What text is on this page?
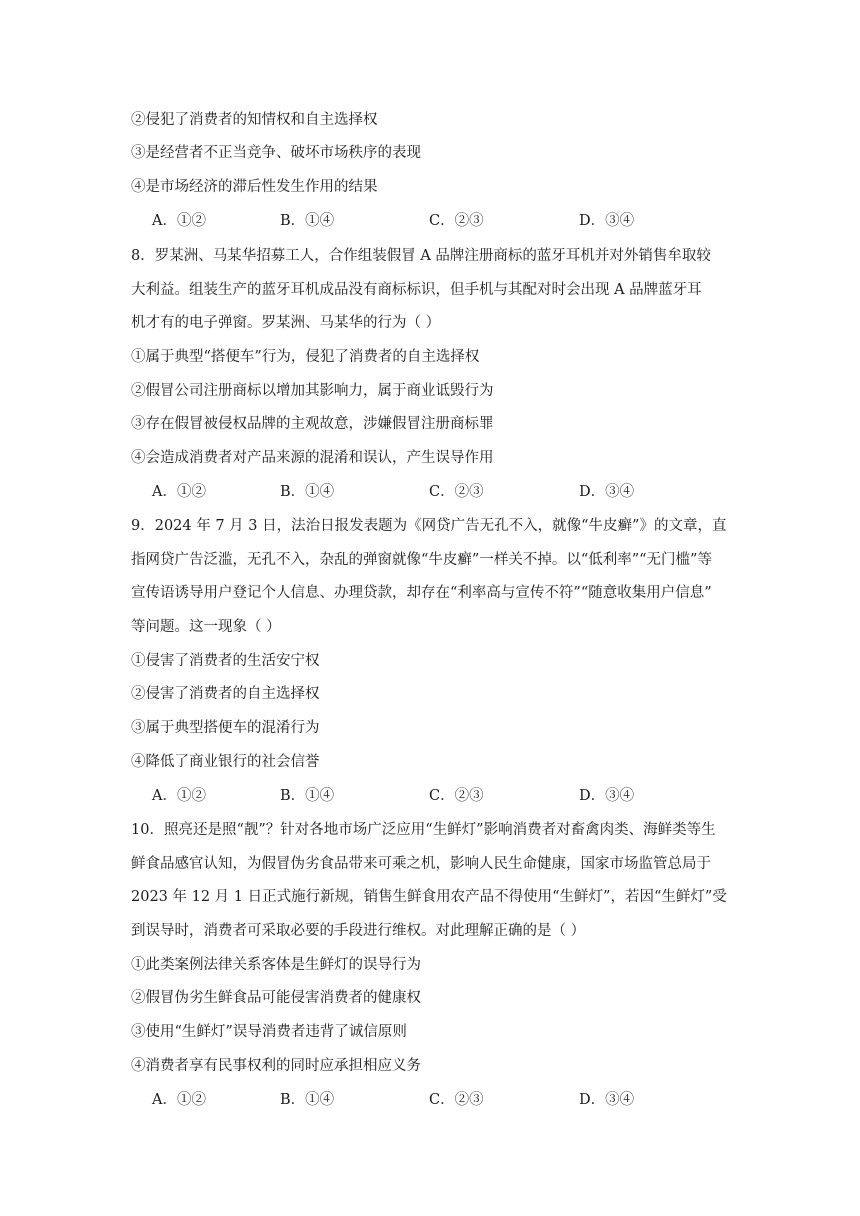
②侵犯了消费者的知情权和自主选择权
③是经营者不正当竞争、破坏市场秩序的表现
④是市场经济的滞后性发生作用的结果
A．①②	B．①④	C．②③	D．③④
8．罗某洲、马某华招募工人，合作组装假冒 A 品牌注册商标的蓝牙耳机并对外销售牟取较
大利益。组装生产的蓝牙耳机成品没有商标标识，但手机与其配对时会出现 A 品牌蓝牙耳
机才有的电子弹窗。罗某洲、马某华的行为（ ）
①属于典型“搭便车”行为，侵犯了消费者的自主选择权
②假冒公司注册商标以增加其影响力，属于商业诋毁行为
③存在假冒被侵权品牌的主观故意，涉嫌假冒注册商标罪
④会造成消费者对产品来源的混淆和误认，产生误导作用
A．①②	B．①④	C．②③	D．③④
9．2024 年 7 月 3 日，法治日报发表题为《网贷广告无孔不入，就像“牛皮癣”》的文章，直
指网贷广告泛滥，无孔不入，杂乱的弹窗就像“牛皮癣”一样关不掉。以“低利率”“无门槛”等
宣传语诱导用户登记个人信息、办理贷款，却存在“利率高与宣传不符”“随意收集用户信息”
等问题。这一现象（ ）
①侵害了消费者的生活安宁权
②侵害了消费者的自主选择权
③属于典型搭便车的混淆行为
④降低了商业银行的社会信誉
A．①②	B．①④	C．②③	D．③④
10．照亮还是照“靓”？针对各地市场广泛应用“生鲜灯”影响消费者对畜禽肉类、海鲜类等生
鲜食品感官认知，为假冒伪劣食品带来可乘之机，影响人民生命健康，国家市场监管总局于
2023 年 12 月 1 日正式施行新规，销售生鲜食用农产品不得使用“生鲜灯”，若因“生鲜灯”受
到误导时，消费者可采取必要的手段进行维权。对此理解正确的是（ ）
①此类案例法律关系客体是生鲜灯的误导行为
②假冒伪劣生鲜食品可能侵害消费者的健康权
③使用“生鲜灯”误导消费者违背了诚信原则
④消费者享有民事权利的同时应承担相应义务
A．①②	B．①④	C．②③	D．③④
